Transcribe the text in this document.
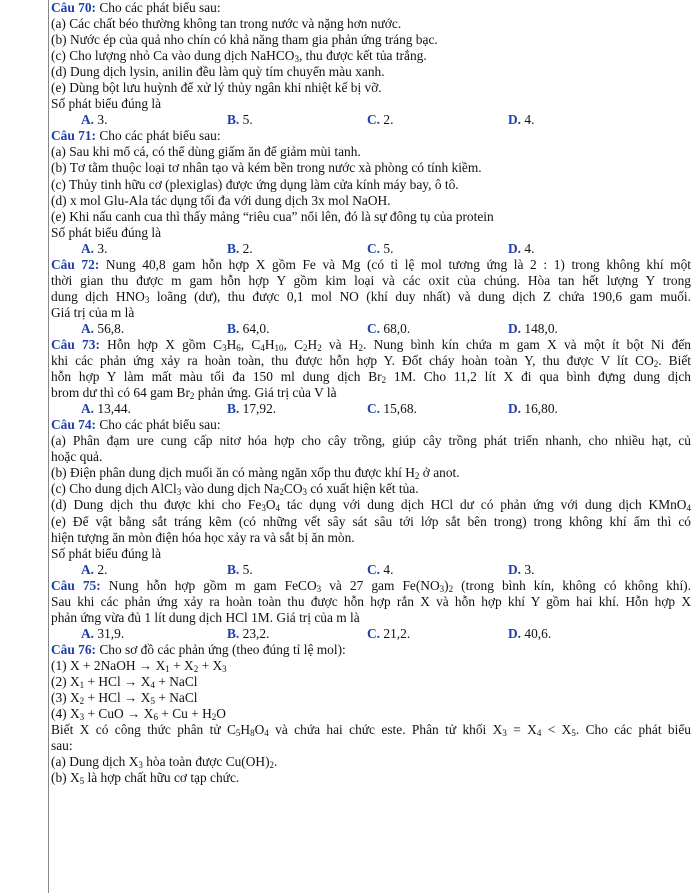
Câu 70: Cho các phát biểu sau:
(a) Các chất béo thường không tan trong nước và nặng hơn nước.
(b) Nước ép của quả nho chín có khả năng tham gia phản ứng tráng bạc.
(c) Cho lượng nhỏ Ca vào dung dịch NaHCO$_3$, thu được kết tủa trắng.
(d) Dung dịch lysin, anilin đều làm quỳ tím chuyển màu xanh.
(e) Dùng bột lưu huỳnh để xử lý thủy ngân khi nhiệt kế bị vỡ.
Số phát biểu đúng là
A. 3.	B. 5.	C. 2.	D. 4.
Câu 71: Cho các phát biểu sau:
(a) Sau khi mổ cá, có thể dùng giấm ăn để giảm mùi tanh.
(b) Tơ tằm thuộc loại tơ nhân tạo và kém bền trong nước xà phòng có tính kiềm.
(c) Thủy tinh hữu cơ (plexiglas) được ứng dụng làm cửa kính máy bay, ô tô.
(d) x mol Glu-Ala tác dụng tối đa với dung dịch 3x mol NaOH.
(e) Khi nấu canh cua thì thấy mảng “riêu cua” nổi lên, đó là sự đông tụ của protein
Số phát biểu đúng là
A. 3.	B. 2.	C. 5.	D. 4.
Câu 72: Nung 40,8 gam hỗn hợp X gồm Fe và Mg (có tỉ lệ mol tương ứng là 2 : 1) trong không khí một
thời gian thu được m gam hỗn hợp Y gồm kim loại và các oxit của chúng. Hòa tan hết lượng Y trong
dung dịch $HNO_3$ loãng (dư), thu được 0,1 mol NO (khí duy nhất) và dung dịch Z chứa 190,6 gam muối.
Giá trị của m là
A. 56,8.	B. 64,0.	C. 68,0.	D. 148,0.
Câu 73: Hỗn hợp X gồm $C_3H_6$, $C_4H_{10}$, $C_2H_2$ và $H_2$. Nung bình kín chứa m gam X và một ít bột Ni đến
khi các phản ứng xảy ra hoàn toàn, thu được hỗn hợp Y. Đốt cháy hoàn toàn Y, thu được V lít $CO_2$. Biết
hỗn hợp Y làm mất màu tối đa 150 ml dung dịch $Br_2$ 1M. Cho 11,2 lít X đi qua bình đựng dung dịch
brom dư thì có 64 gam $Br_2$ phản ứng. Giá trị của V là
A. 13,44.	B. 17,92.	C. 15,68.	D. 16,80.
Câu 74: Cho các phát biểu sau:
(a) Phân đạm ure cung cấp nitơ hóa hợp cho cây trồng, giúp cây trồng phát triển nhanh, cho nhiều hạt, củ
hoặc quả.
(b) Điện phân dung dịch muối ăn có màng ngăn xốp thu được khí $H_2$ ở anot.
(c) Cho dung dịch AlCl$_3$ vào dung dịch $Na_2CO_3$ có xuất hiện kết tủa.
(d) Dung dịch thu được khi cho $Fe_3O_4$ tác dụng với dung dịch HCl dư có phản ứng với dung dịch KMnO$_4$
(e) Để vật bằng sắt tráng kẽm (có những vết sây sát sâu tới lớp sắt bên trong) trong không khí ẩm thì có
hiện tượng ăn mòn điện hóa học xảy ra và sắt bị ăn mòn.
Số phát biểu đúng là
A. 2.	B. 5.	C. 4.	D. 3.
Câu 75: Nung hỗn hợp gồm m gam FeCO$_3$ và 27 gam $Fe(NO_3)_2$ (trong bình kín, không có không khí).
Sau khi các phản ứng xảy ra hoàn toàn thu được hỗn hợp rắn X và hỗn hợp khí Y gồm hai khí. Hỗn hợp X
phản ứng vừa đủ 1 lít dung dịch HCl 1M. Giá trị của m là
A. 31,9.	B. 23,2.	C. 21,2.	D. 40,6.
Câu 76: Cho sơ đồ các phản ứng (theo đúng tỉ lệ mol):
(1) X + 2NaOH → $X_1 + X_2 + X_3$
(2) $X_1$ + HCl → $X_4$ + NaCl
(3) $X_2$ + HCl → $X_5$ + NaCl
(4) $X_3$ + CuO → $X_6 + Cu + H_2O$
Biết X có công thức phân tử $C_5H_8O_4$ và chứa hai chức este. Phân tử khối $X_3 = X_4 < X_5$. Cho các phát biểu
sau:
(a) Dung dịch $X_3$ hòa toàn được $Cu(OH)_2$.
(b) $X_5$ là hợp chất hữu cơ tạp chức.
